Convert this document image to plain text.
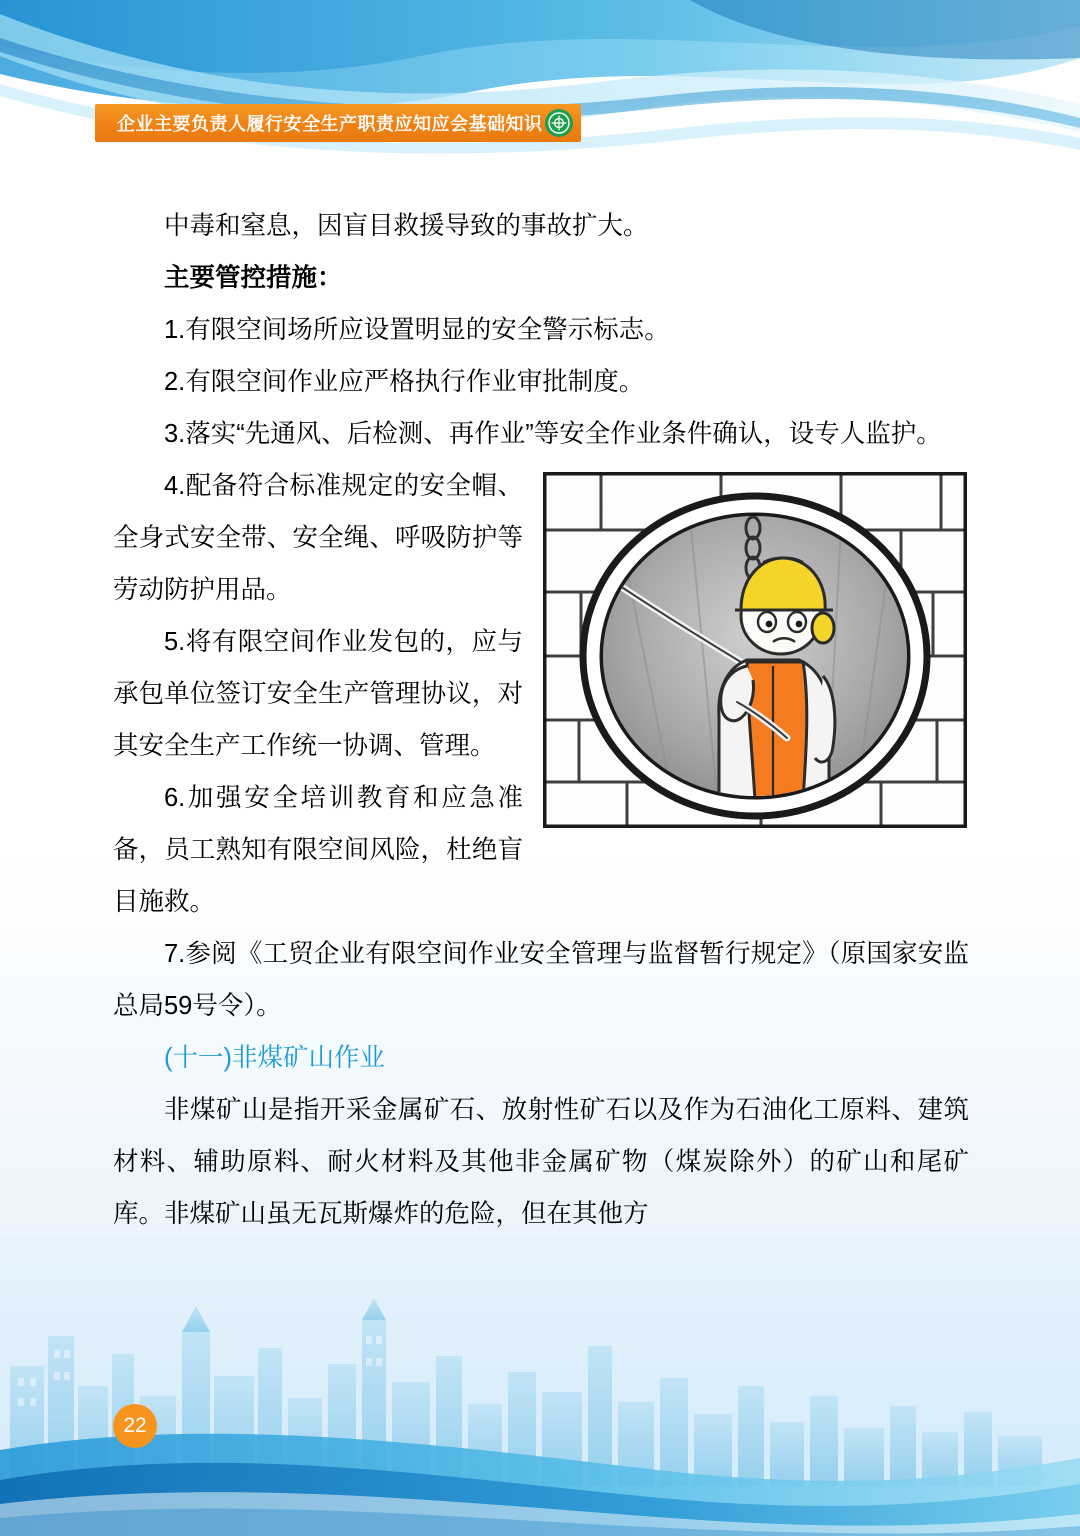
企业主要负责人履行安全生产职责应知应会基础知识

中毒和窒息，因盲目救援导致的事故扩大。

主要管控措施：

1.有限空间场所应设置明显的安全警示标志。

2.有限空间作业应严格执行作业审批制度。

3.落实“先通风、后检测、再作业”等安全作业条件确认，设专人监护。

4.配备符合标准规定的安全帽、全身式安全带、安全绳、呼吸防护等劳动防护用品。

5.将有限空间作业发包的，应与承包单位签订安全生产管理协议，对其安全生产工作统一协调、管理。

6.加强安全培训教育和应急准备，员工熟知有限空间风险，杜绝盲目施救。

7.参阅《工贸企业有限空间作业安全管理与监督暂行规定》（原国家安监总局59号令）。

(十一)非煤矿山作业

非煤矿山是指开采金属矿石、放射性矿石以及作为石油化工原料、建筑材料、辅助原料、耐火材料及其他非金属矿物（煤炭除外）的矿山和尾矿库。非煤矿山虽无瓦斯爆炸的危险，但在其他方

22
